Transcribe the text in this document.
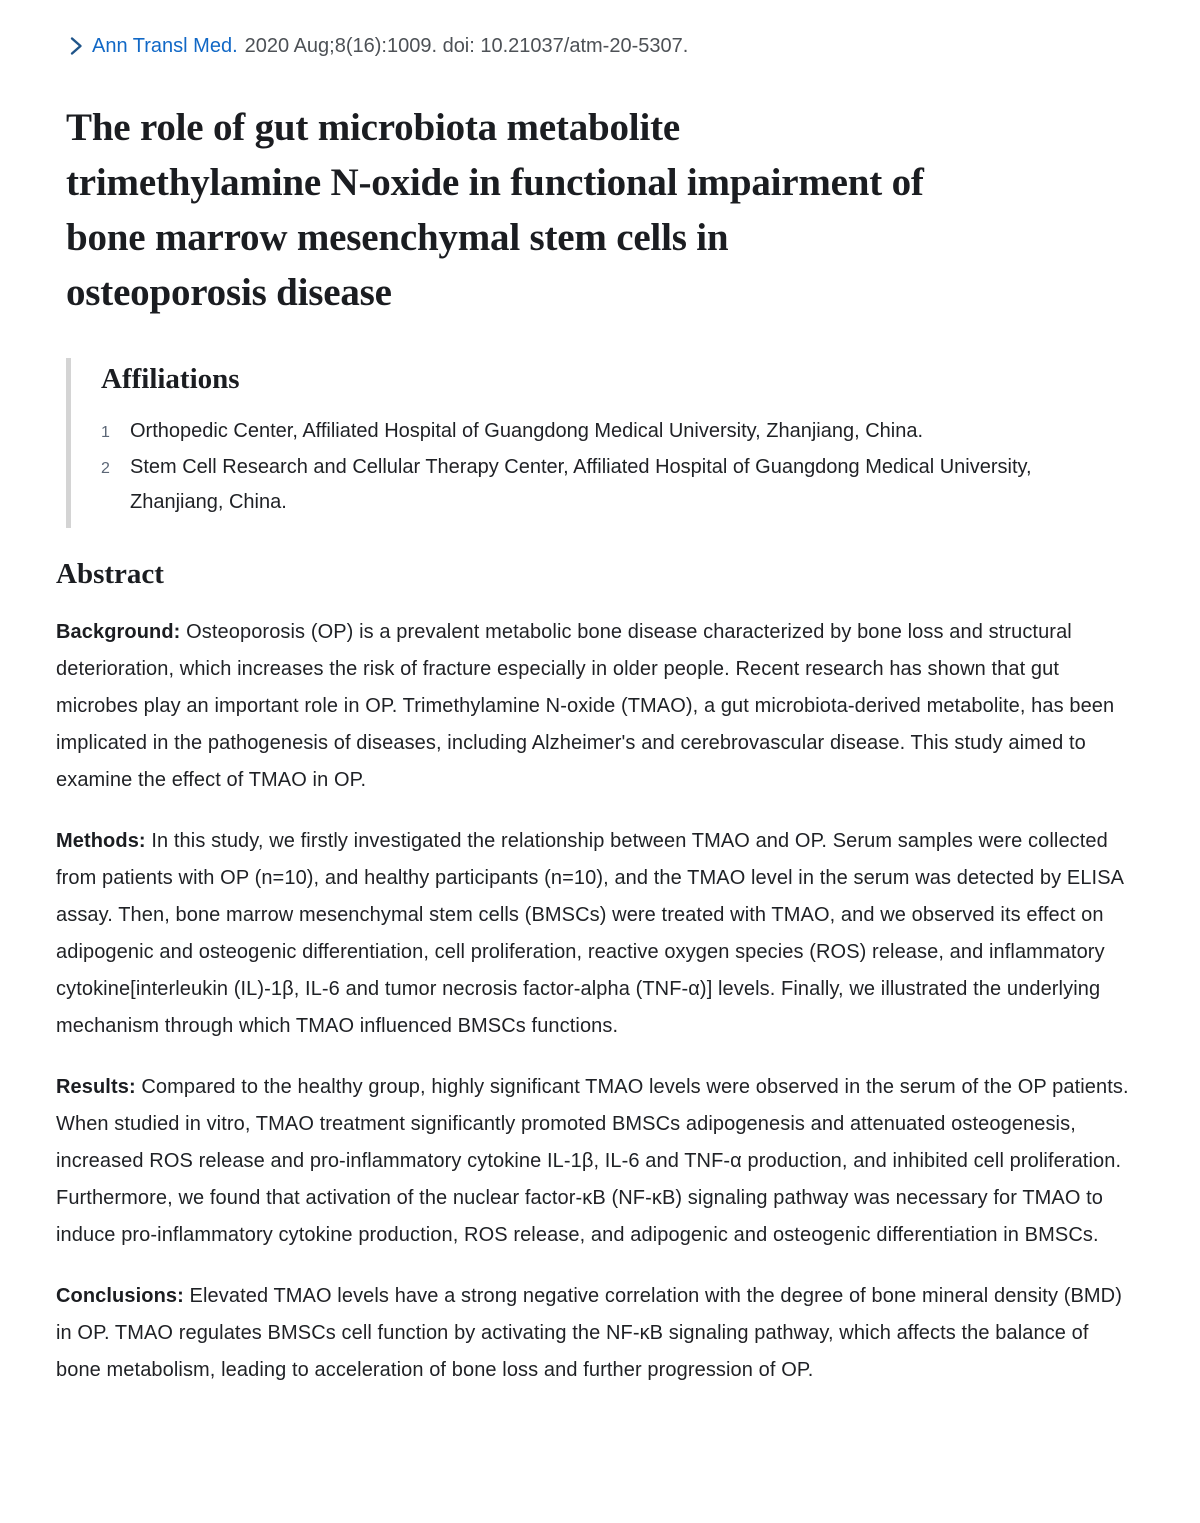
Ann Transl Med. 2020 Aug;8(16):1009. doi: 10.21037/atm-20-5307.
The role of gut microbiota metabolite
trimethylamine N-oxide in functional impairment of
bone marrow mesenchymal stem cells in
osteoporosis disease
Affiliations
1	Orthopedic Center, Affiliated Hospital of Guangdong Medical University, Zhanjiang, China.
2	Stem Cell Research and Cellular Therapy Center, Affiliated Hospital of Guangdong Medical University, Zhanjiang, China.
Abstract

Background: Osteoporosis (OP) is a prevalent metabolic bone disease characterized by bone loss and structural deterioration, which increases the risk of fracture especially in older people. Recent research has shown that gut microbes play an important role in OP. Trimethylamine N-oxide (TMAO), a gut microbiota-derived metabolite, has been implicated in the pathogenesis of diseases, including Alzheimer's and cerebrovascular disease. This study aimed to examine the effect of TMAO in OP.

Methods: In this study, we firstly investigated the relationship between TMAO and OP. Serum samples were collected from patients with OP (n=10), and healthy participants (n=10), and the TMAO level in the serum was detected by ELISA assay. Then, bone marrow mesenchymal stem cells (BMSCs) were treated with TMAO, and we observed its effect on adipogenic and osteogenic differentiation, cell proliferation, reactive oxygen species (ROS) release, and inflammatory cytokine[interleukin (IL)-1β, IL-6 and tumor necrosis factor-alpha (TNF-α)] levels. Finally, we illustrated the underlying mechanism through which TMAO influenced BMSCs functions.

Results: Compared to the healthy group, highly significant TMAO levels were observed in the serum of the OP patients. When studied in vitro, TMAO treatment significantly promoted BMSCs adipogenesis and attenuated osteogenesis, increased ROS release and pro-inflammatory cytokine IL-1β, IL-6 and TNF-α production, and inhibited cell proliferation. Furthermore, we found that activation of the nuclear factor-κB (NF-κB) signaling pathway was necessary for TMAO to induce pro-inflammatory cytokine production, ROS release, and adipogenic and osteogenic differentiation in BMSCs.

Conclusions: Elevated TMAO levels have a strong negative correlation with the degree of bone mineral density (BMD) in OP. TMAO regulates BMSCs cell function by activating the NF-κB signaling pathway, which affects the balance of bone metabolism, leading to acceleration of bone loss and further progression of OP.
